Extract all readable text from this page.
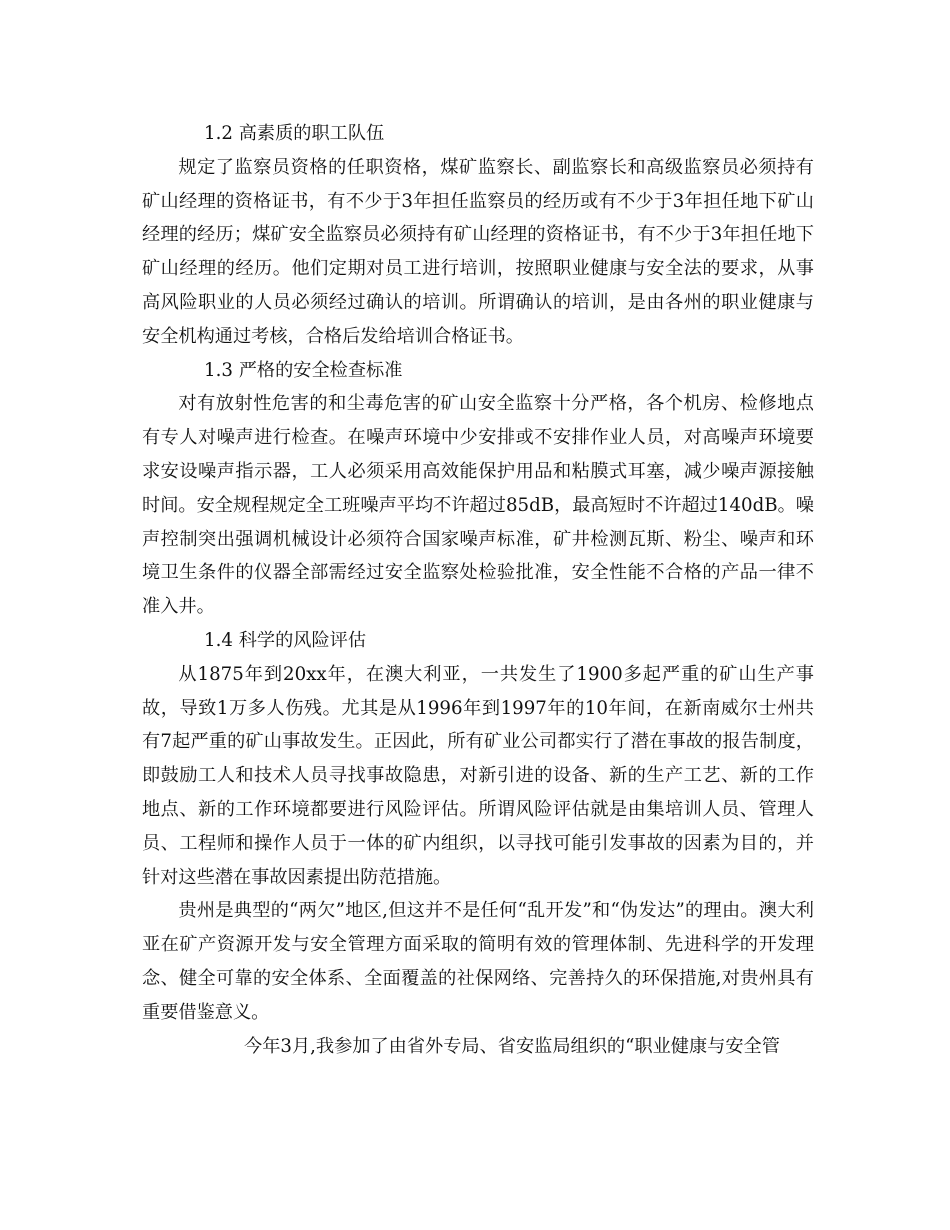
1.2 高素质的职工队伍

规定了监察员资格的任职资格，煤矿监察长、副监察长和高级监察员必须持有矿山经理的资格证书，有不少于3年担任监察员的经历或有不少于3年担任地下矿山经理的经历；煤矿安全监察员必须持有矿山经理的资格证书，有不少于3年担任地下矿山经理的经历。他们定期对员工进行培训，按照职业健康与安全法的要求，从事高风险职业的人员必须经过确认的培训。所谓确认的培训，是由各州的职业健康与安全机构通过考核，合格后发给培训合格证书。

1.3 严格的安全检查标准

对有放射性危害的和尘毒危害的矿山安全监察十分严格，各个机房、检修地点有专人对噪声进行检查。在噪声环境中少安排或不安排作业人员，对高噪声环境要求安设噪声指示器，工人必须采用高效能保护用品和粘膜式耳塞，减少噪声源接触时间。安全规程规定全工班噪声平均不许超过85dB，最高短时不许超过140dB。噪声控制突出强调机械设计必须符合国家噪声标准，矿井检测瓦斯、粉尘、噪声和环境卫生条件的仪器全部需经过安全监察处检验批准，安全性能不合格的产品一律不准入井。

1.4 科学的风险评估

从1875年到20xx年，在澳大利亚，一共发生了1900多起严重的矿山生产事故，导致1万多人伤残。尤其是从1996年到1997年的10年间，在新南威尔士州共有7起严重的矿山事故发生。正因此，所有矿业公司都实行了潜在事故的报告制度，即鼓励工人和技术人员寻找事故隐患，对新引进的设备、新的生产工艺、新的工作地点、新的工作环境都要进行风险评估。所谓风险评估就是由集培训人员、管理人员、工程师和操作人员于一体的矿内组织，以寻找可能引发事故的因素为目的，并针对这些潜在事故因素提出防范措施。

贵州是典型的“两欠”地区,但这并不是任何“乱开发”和“伪发达”的理由。澳大利亚在矿产资源开发与安全管理方面采取的简明有效的管理体制、先进科学的开发理念、健全可靠的安全体系、全面覆盖的社保网络、完善持久的环保措施,对贵州具有重要借鉴意义。

今年3月,我参加了由省外专局、省安监局组织的“职业健康与安全管
